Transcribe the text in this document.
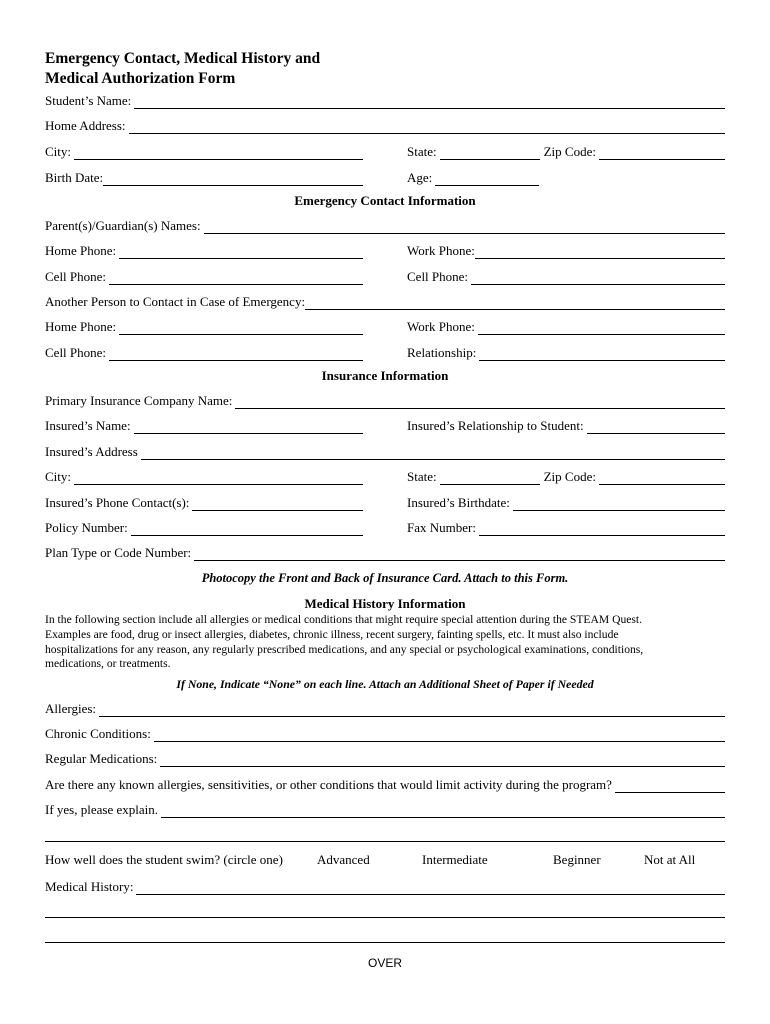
Emergency Contact, Medical History and
Medical Authorization Form
Student’s Name:
Home Address:
City:	State:	Zip Code:
Birth Date:	Age:
Emergency Contact Information
Parent(s)/Guardian(s) Names:
Home Phone:	Work Phone:
Cell Phone:	Cell Phone:
Another Person to Contact in Case of Emergency:
Home Phone:	Work Phone:
Cell Phone:	Relationship:
Insurance Information
Primary Insurance Company Name:
Insured’s Name:	Insured’s Relationship to Student:
Insured’s Address
City:	State:	Zip Code:
Insured’s Phone Contact(s):	Insured’s Birthdate:
Policy Number:	Fax Number:
Plan Type or Code Number:
Photocopy the Front and Back of Insurance Card. Attach to this Form.
Medical History Information
In the following section include all allergies or medical conditions that might require special attention during the STEAM Quest.
Examples are food, drug or insect allergies, diabetes, chronic illness, recent surgery, fainting spells, etc. It must also include
hospitalizations for any reason, any regularly prescribed medications, and any special or psychological examinations, conditions,
medications, or treatments.
If None, Indicate “None” on each line. Attach an Additional Sheet of Paper if Needed
Allergies:
Chronic Conditions:
Regular Medications:
Are there any known allergies, sensitivities, or other conditions that would limit activity during the program?
If yes, please explain.
How well does the student swim? (circle one)	Advanced	Intermediate	Beginner	Not at All
Medical History:
OVER
